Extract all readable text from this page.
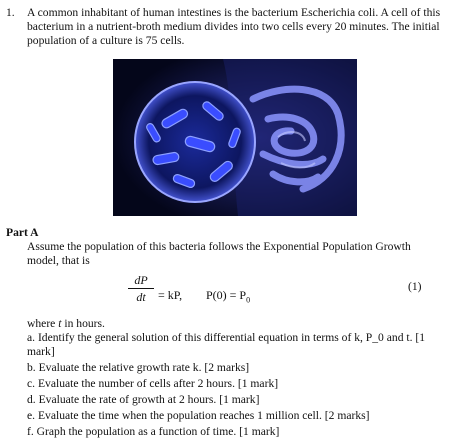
1. A common inhabitant of human intestines is the bacterium Escherichia coli. A cell of this
bacterium in a nutrient-broth medium divides into two cells every 20 minutes. The initial
population of a culture is 75 cells.
Part A
Assume the population of this bacteria follows the Exponential Population Growth
model, that is
dP
dt	= kP, $P(0) = P_0$
(1)
where t in hours.
a. Identify the general solution of this differential equation in terms of k, P_0 and t. [1
mark]
b. Evaluate the relative growth rate k. [2 marks]
c. Evaluate the number of cells after 2 hours. [1 mark]
d. Evaluate the rate of growth at 2 hours. [1 mark]
e. Evaluate the time when the population reaches 1 million cell. [2 marks]
f. Graph the population as a function of time. [1 mark]
